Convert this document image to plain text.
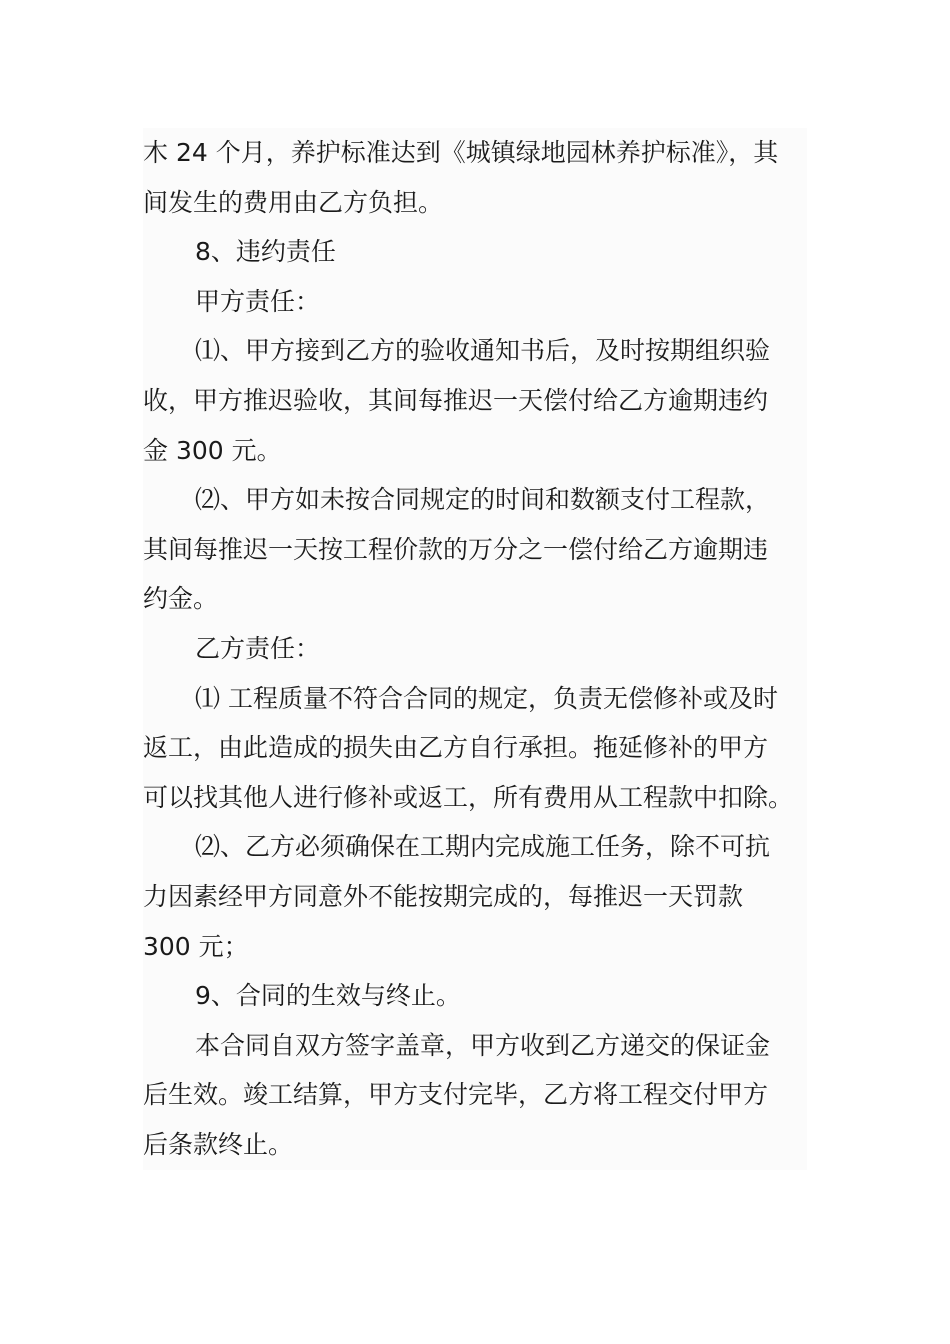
木 24 个月，养护标准达到《城镇绿地园林养护标准》，其
间发生的费用由乙方负担。
8、违约责任
甲方责任：
⑴、甲方接到乙方的验收通知书后，及时按期组织验
收，甲方推迟验收，其间每推迟一天偿付给乙方逾期违约
金 300 元。
⑵、甲方如未按合同规定的时间和数额支付工程款，
其间每推迟一天按工程价款的万分之一偿付给乙方逾期违
约金。
乙方责任：
⑴ 工程质量不符合合同的规定，负责无偿修补或及时
返工，由此造成的损失由乙方自行承担。拖延修补的甲方
可以找其他人进行修补或返工，所有费用从工程款中扣除。
⑵、乙方必须确保在工期内完成施工任务，除不可抗
力因素经甲方同意外不能按期完成的，每推迟一天罚款
300 元；
9、合同的生效与终止。
本合同自双方签字盖章，甲方收到乙方递交的保证金
后生效。竣工结算，甲方支付完毕，乙方将工程交付甲方
后条款终止。
